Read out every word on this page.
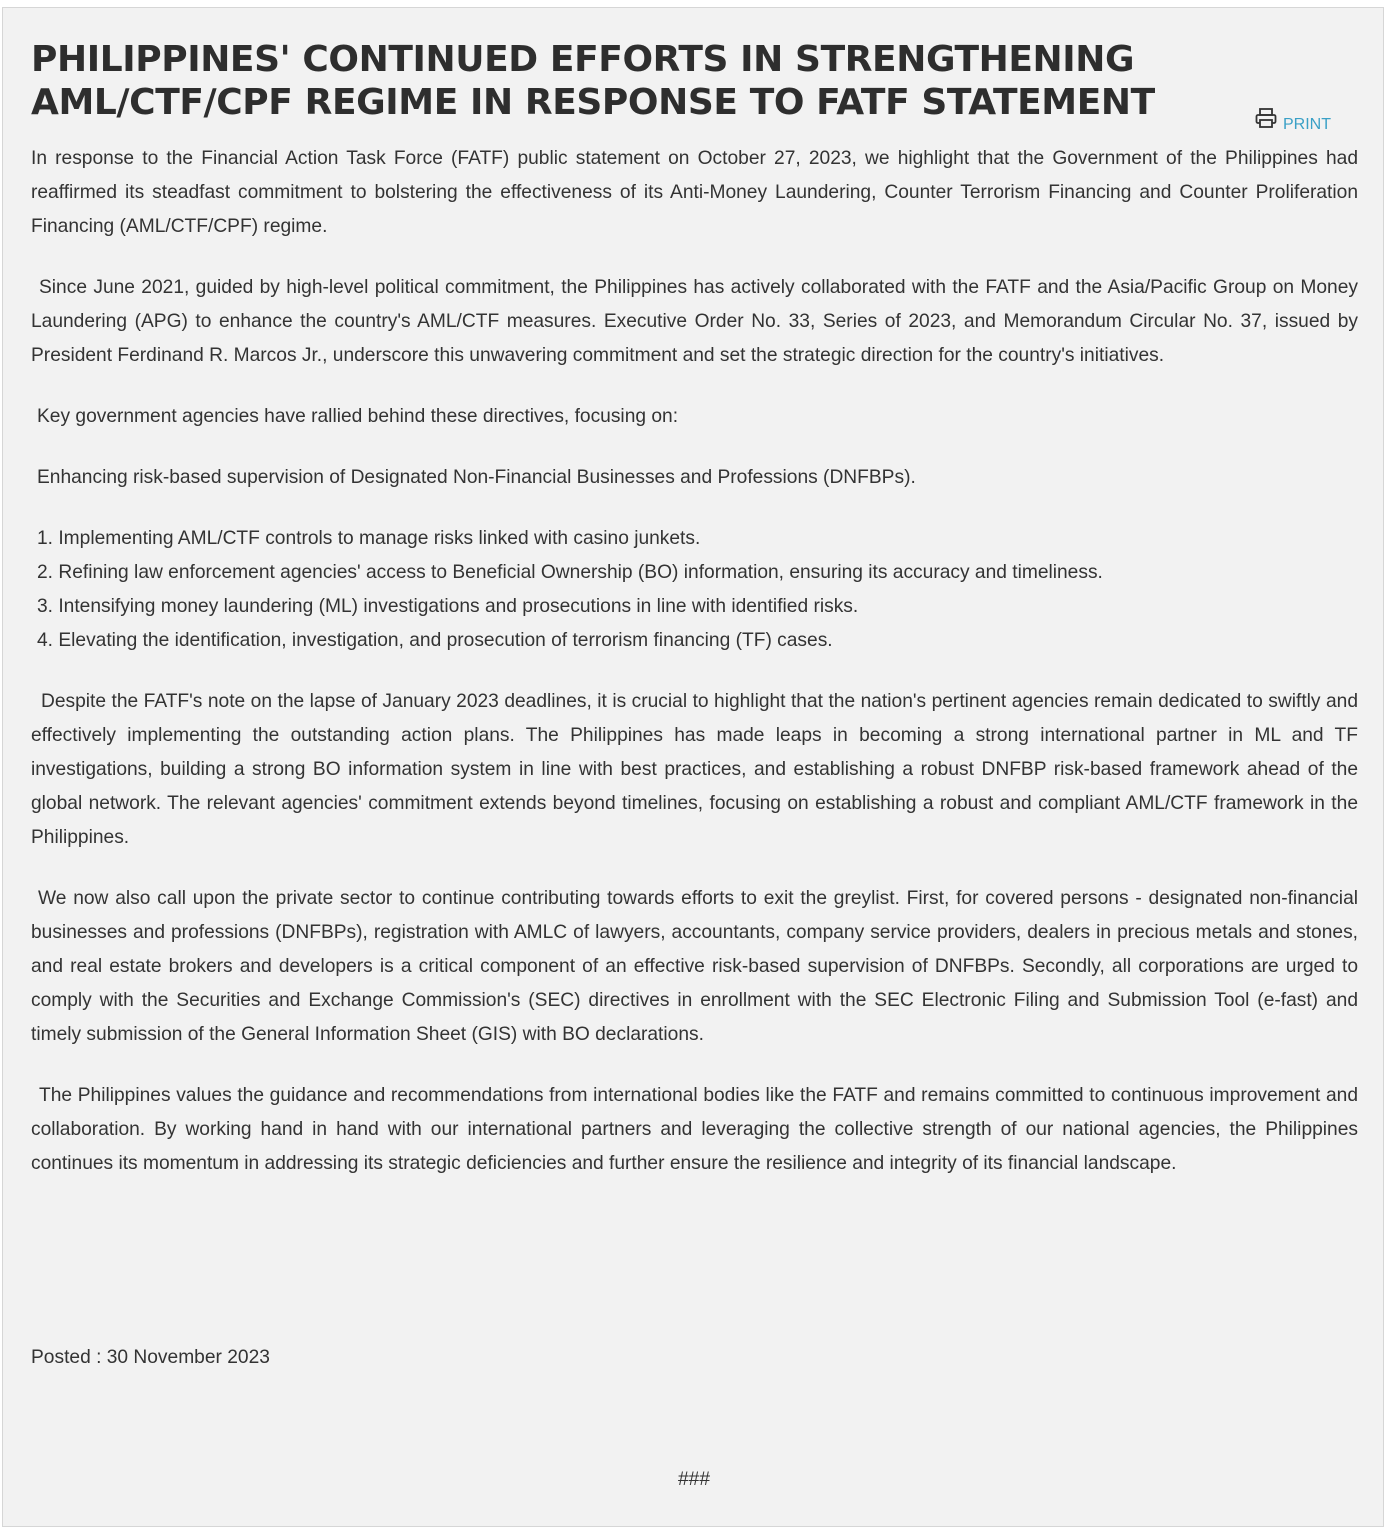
PHILIPPINES' CONTINUED EFFORTS IN STRENGTHENING AML/CTF/CPF REGIME IN RESPONSE TO FATF STATEMENT

In response to the Financial Action Task Force (FATF) public statement on October 27, 2023, we highlight that the Government of the Philippines had reaffirmed its steadfast commitment to bolstering the effectiveness of its Anti-Money Laundering, Counter Terrorism Financing and Counter Proliferation Financing (AML/CTF/CPF) regime.

Since June 2021, guided by high-level political commitment, the Philippines has actively collaborated with the FATF and the Asia/Pacific Group on Money Laundering (APG) to enhance the country's AML/CTF measures. Executive Order No. 33, Series of 2023, and Memorandum Circular No. 37, issued by President Ferdinand R. Marcos Jr., underscore this unwavering commitment and set the strategic direction for the country's initiatives.

Key government agencies have rallied behind these directives, focusing on:

Enhancing risk-based supervision of Designated Non-Financial Businesses and Professions (DNFBPs).

1. Implementing AML/CTF controls to manage risks linked with casino junkets.
2. Refining law enforcement agencies' access to Beneficial Ownership (BO) information, ensuring its accuracy and timeliness.
3. Intensifying money laundering (ML) investigations and prosecutions in line with identified risks.
4. Elevating the identification, investigation, and prosecution of terrorism financing (TF) cases.

Despite the FATF's note on the lapse of January 2023 deadlines, it is crucial to highlight that the nation's pertinent agencies remain dedicated to swiftly and effectively implementing the outstanding action plans. The Philippines has made leaps in becoming a strong international partner in ML and TF investigations, building a strong BO information system in line with best practices, and establishing a robust DNFBP risk-based framework ahead of the global network. The relevant agencies' commitment extends beyond timelines, focusing on establishing a robust and compliant AML/CTF framework in the Philippines.

We now also call upon the private sector to continue contributing towards efforts to exit the greylist. First, for covered persons - designated non-financial businesses and professions (DNFBPs), registration with AMLC of lawyers, accountants, company service providers, dealers in precious metals and stones, and real estate brokers and developers is a critical component of an effective risk-based supervision of DNFBPs. Secondly, all corporations are urged to comply with the Securities and Exchange Commission's (SEC) directives in enrollment with the SEC Electronic Filing and Submission Tool (e-fast) and timely submission of the General Information Sheet (GIS) with BO declarations.

The Philippines values the guidance and recommendations from international bodies like the FATF and remains committed to continuous improvement and collaboration. By working hand in hand with our international partners and leveraging the collective strength of our national agencies, the Philippines continues its momentum in addressing its strategic deficiencies and further ensure the resilience and integrity of its financial landscape.

PRINT
Posted : 30 November 2023
###
